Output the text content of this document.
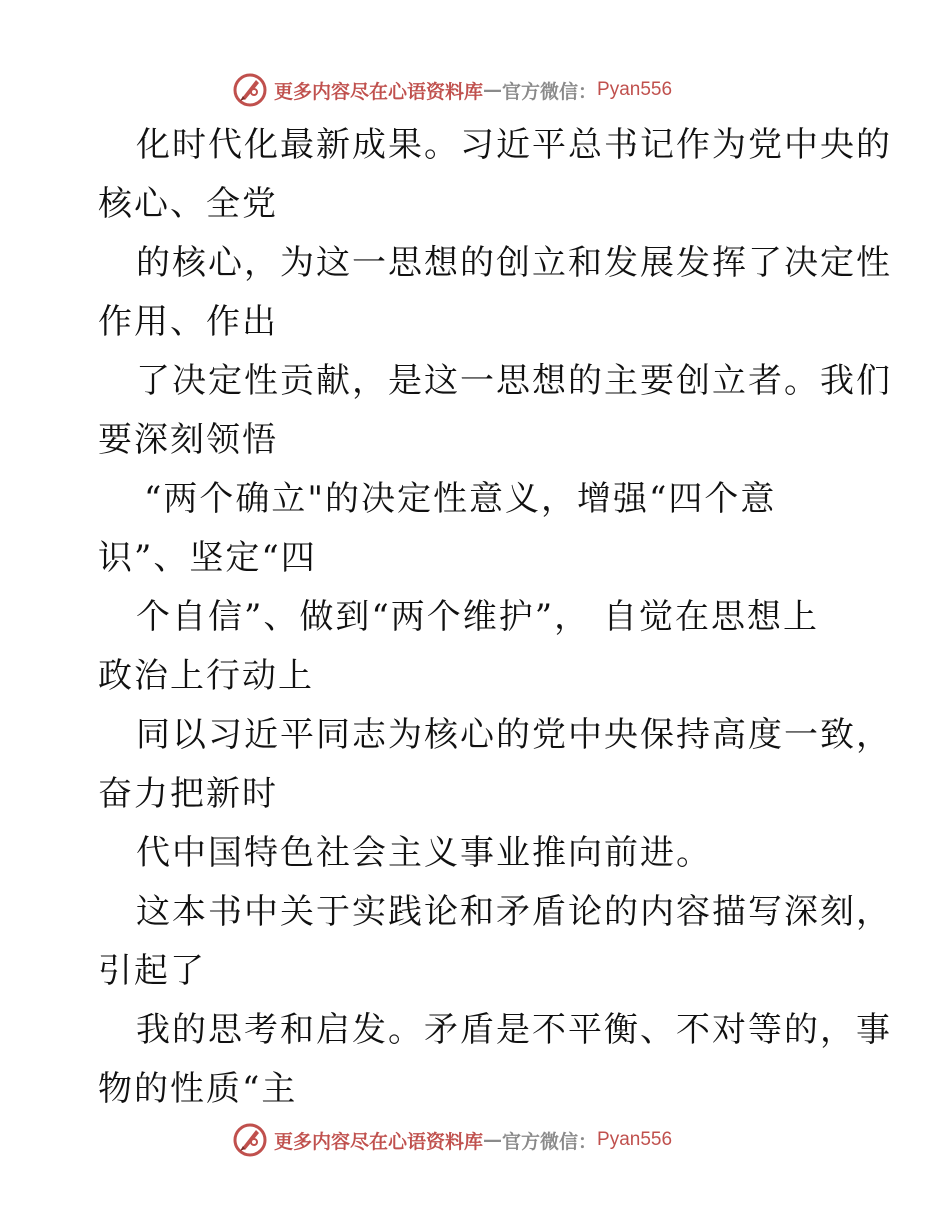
更多内容尽在心语资料库 — 官方微信： Pyan556
化时代化最新成果。习近平总书记作为党中央的
核心、全党
的核心，为这一思想的创立和发展发挥了决定性
作用、作出
了决定性贡献，是这一思想的主要创立者。我们
要深刻领悟
“两个确立"的决定性意义，增强“四个意
识”、坚定“四
个自信”、做到“两个维护”， 自觉在思想上
政治上行动上
同以习近平同志为核心的党中央保持高度一致，
奋力把新时
代中国特色社会主义事业推向前进。
这本书中关于实践论和矛盾论的内容描写深刻，
引起了
我的思考和启发。矛盾是不平衡、不对等的，事
物的性质“主
更多内容尽在心语资料库 — 官方微信： Pyan556
